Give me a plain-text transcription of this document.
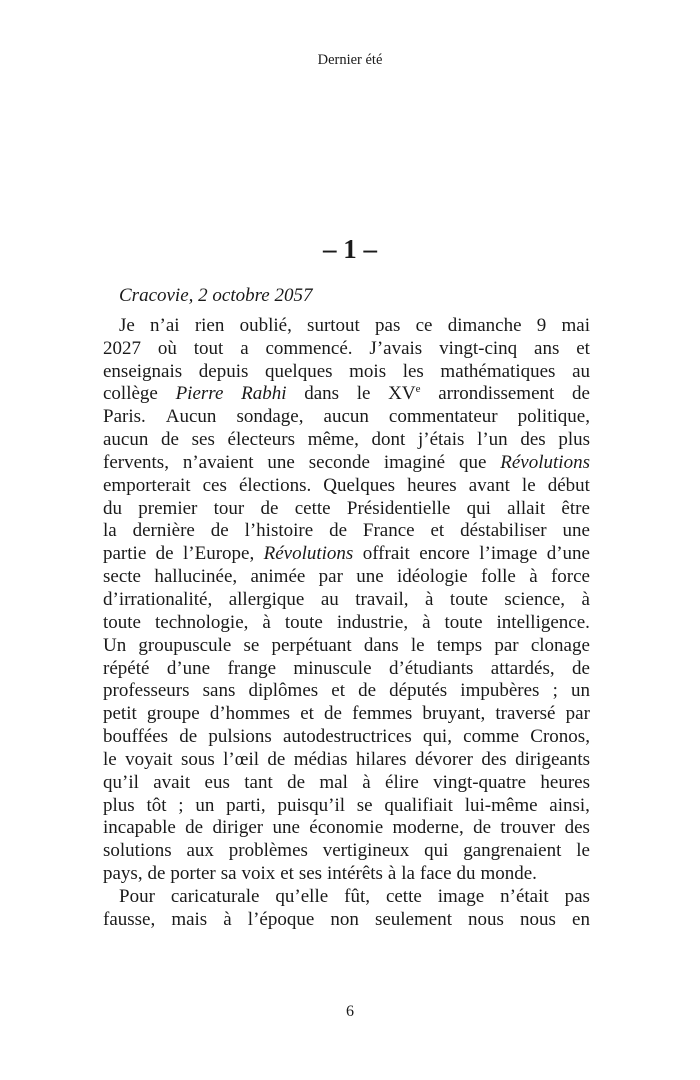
Dernier été
– 1 –
Cracovie, 2 octobre 2057
Je n’ai rien oublié, surtout pas ce dimanche 9 mai
2027 où tout a commencé. J’avais vingt-cinq ans et
enseignais depuis quelques mois les mathématiques au
collège Pierre Rabhi dans le XVe arrondissement de
Paris. Aucun sondage, aucun commentateur politique,
aucun de ses électeurs même, dont j’étais l’un des plus
fervents, n’avaient une seconde imaginé que Révolutions
emporterait ces élections. Quelques heures avant le début
du premier tour de cette Présidentielle qui allait être
la dernière de l’histoire de France et déstabiliser une
partie de l’Europe, Révolutions offrait encore l’image d’une
secte hallucinée, animée par une idéologie folle à force
d’irrationalité, allergique au travail, à toute science, à
toute technologie, à toute industrie, à toute intelligence.
Un groupuscule se perpétuant dans le temps par clonage
répété d’une frange minuscule d’étudiants attardés, de
professeurs sans diplômes et de députés impubères ; un
petit groupe d’hommes et de femmes bruyant, traversé par
bouffées de pulsions autodestructrices qui, comme Cronos,
le voyait sous l’œil de médias hilares dévorer des dirigeants
qu’il avait eus tant de mal à élire vingt-quatre heures
plus tôt ; un parti, puisqu’il se qualifiait lui-même ainsi,
incapable de diriger une économie moderne, de trouver des
solutions aux problèmes vertigineux qui gangrenaient le
pays, de porter sa voix et ses intérêts à la face du monde.
Pour caricaturale qu’elle fût, cette image n’était pas
fausse, mais à l’époque non seulement nous nous en
6
